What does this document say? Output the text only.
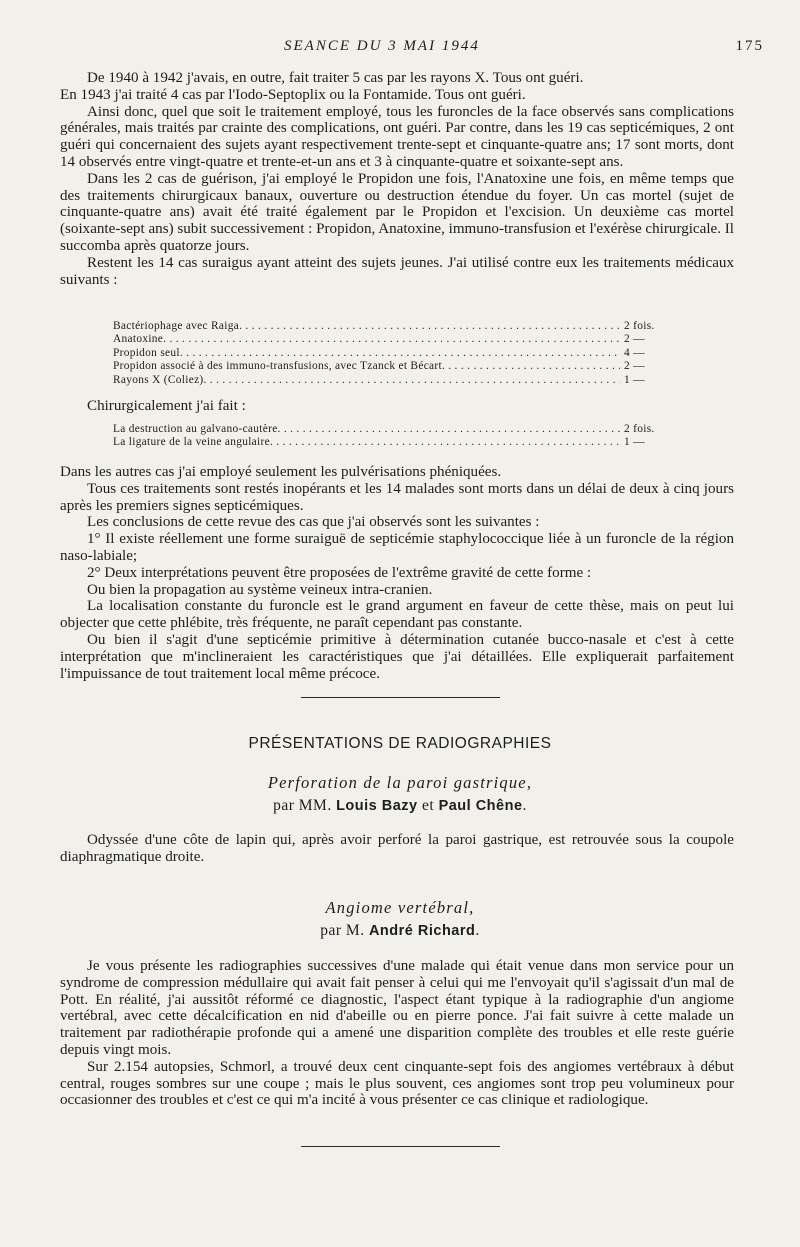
SEANCE DU 3 MAI 1944	175

De 1940 à 1942 j'avais, en outre, fait traiter 5 cas par les rayons X. Tous ont guéri.

En 1943 j'ai traité 4 cas par l'Iodo-Septoplix ou la Fontamide. Tous ont guéri.

Ainsi donc, quel que soit le traitement employé, tous les furoncles de la face observés sans complications générales, mais traités par crainte des complications, ont guéri. Par contre, dans les 19 cas septicémiques, 2 ont guéri qui concernaient des sujets ayant respectivement trente-sept et cinquante-quatre ans; 17 sont morts, dont 14 observés entre vingt-quatre et trente-et-un ans et 3 à cinquante-quatre et soixante-sept ans.

Dans les 2 cas de guérison, j'ai employé le Propidon une fois, l'Anatoxine une fois, en même temps que des traitements chirurgicaux banaux, ouverture ou destruction étendue du foyer. Un cas mortel (sujet de cinquante-quatre ans) avait été traité également par le Propidon et l'excision. Un deuxième cas mortel (soixante-sept ans) subit successivement : Propidon, Anatoxine, immuno-transfusion et l'exérèse chirurgicale. Il succomba après quatorze jours.

Restent les 14 cas suraigus ayant atteint des sujets jeunes. J'ai utilisé contre eux les traitements médicaux suivants :

Bactériophage avec Raiga . . .	2 fois.
Anatoxine . . .	2 —
Propidon seul . . .	4 —
Propidon associé à des immuno-transfusions, avec Tzanck et Bécart . . .	2 —
Rayons X (Coliez) . . .	1 —

Chirurgicalement j'ai fait :

La destruction au galvano-cautère . . .	2 fois.
La ligature de la veine angulaire . . .	1 —

Dans les autres cas j'ai employé seulement les pulvérisations phéniquées.

Tous ces traitements sont restés inopérants et les 14 malades sont morts dans un délai de deux à cinq jours après les premiers signes septicémiques.

Les conclusions de cette revue des cas que j'ai observés sont les suivantes :

1° Il existe réellement une forme suraiguë de septicémie staphylococcique liée à un furoncle de la région naso-labiale;

2° Deux interprétations peuvent être proposées de l'extrême gravité de cette forme :

Ou bien la propagation au système veineux intra-cranien.

La localisation constante du furoncle est le grand argument en faveur de cette thèse, mais on peut lui objecter que cette phlébite, très fréquente, ne paraît cependant pas constante.

Ou bien il s'agit d'une septicémie primitive à détermination cutanée bucco-nasale et c'est à cette interprétation que m'inclineraient les caractéristiques que j'ai détaillées. Elle expliquerait parfaitement l'impuissance de tout traitement local même précoce.

PRÉSENTATIONS DE RADIOGRAPHIES
Perforation de la paroi gastrique,
par MM. Louis Bazy et Paul Chêne.

Odyssée d'une côte de lapin qui, après avoir perforé la paroi gastrique, est retrouvée sous la coupole diaphragmatique droite.

Angiome vertébral,
par M. André Richard.

Je vous présente les radiographies successives d'une malade qui était venue dans mon service pour un syndrome de compression médullaire qui avait fait penser à celui qui me l'envoyait qu'il s'agissait d'un mal de Pott. En réalité, j'ai aussitôt réformé ce diagnostic, l'aspect étant typique à la radiographie d'un angiome vertébral, avec cette décalcification en nid d'abeille ou en pierre ponce. J'ai fait suivre à cette malade un traitement par radiothérapie profonde qui a amené une disparition complète des troubles et elle reste guérie depuis vingt mois.

Sur 2.154 autopsies, Schmorl, a trouvé deux cent cinquante-sept fois des angiomes vertébraux à début central, rouges sombres sur une coupe ; mais le plus souvent, ces angiomes sont trop peu volumineux pour occasionner des troubles et c'est ce qui m'a incité à vous présenter ce cas clinique et radiologique.
